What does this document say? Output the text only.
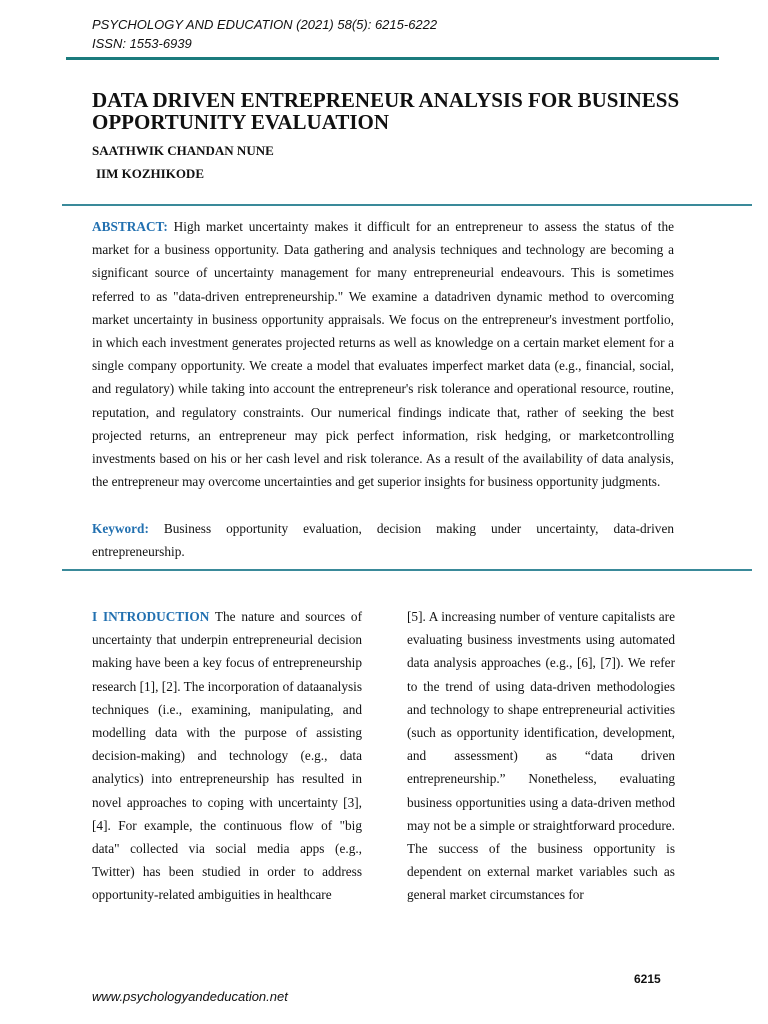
PSYCHOLOGY AND EDUCATION (2021) 58(5): 6215-6222
ISSN: 1553-6939
DATA DRIVEN ENTREPRENEUR ANALYSIS FOR BUSINESS OPPORTUNITY EVALUATION
SAATHWIK CHANDAN NUNE
IIM KOZHIKODE

ABSTRACT: High market uncertainty makes it difficult for an entrepreneur to assess the status of the market for a business opportunity. Data gathering and analysis techniques and technology are becoming a significant source of uncertainty management for many entrepreneurial endeavours. This is sometimes referred to as "data-driven entrepreneurship." We examine a datadriven dynamic method to overcoming market uncertainty in business opportunity appraisals. We focus on the entrepreneur's investment portfolio, in which each investment generates projected returns as well as knowledge on a certain market element for a single company opportunity. We create a model that evaluates imperfect market data (e.g., financial, social, and regulatory) while taking into account the entrepreneur's risk tolerance and operational resource, routine, reputation, and regulatory constraints. Our numerical findings indicate that, rather of seeking the best projected returns, an entrepreneur may pick perfect information, risk hedging, or marketcontrolling investments based on his or her cash level and risk tolerance. As a result of the availability of data analysis, the entrepreneur may overcome uncertainties and get superior insights for business opportunity judgments.

Keyword: Business opportunity evaluation, decision making under uncertainty, data-driven entrepreneurship.

I INTRODUCTION The nature and sources of uncertainty that underpin entrepreneurial decision making have been a key focus of entrepreneurship research [1], [2]. The incorporation of dataanalysis techniques (i.e., examining, manipulating, and modelling data with the purpose of assisting decision-making) and technology (e.g., data analytics) into entrepreneurship has resulted in novel approaches to coping with uncertainty [3], [4]. For example, the continuous flow of "big data" collected via social media apps (e.g., Twitter) has been studied in order to address opportunity-related ambiguities in healthcare

[5]. A increasing number of venture capitalists are evaluating business investments using automated data analysis approaches (e.g., [6], [7]). We refer to the trend of using data-driven methodologies and technology to shape entrepreneurial activities (such as opportunity identification, development, and assessment) as “data driven entrepreneurship.” Nonetheless, evaluating business opportunities using a data-driven method may not be a simple or straightforward procedure. The success of the business opportunity is dependent on external market variables such as general market circumstances for

6215
www.psychologyandeducation.net
